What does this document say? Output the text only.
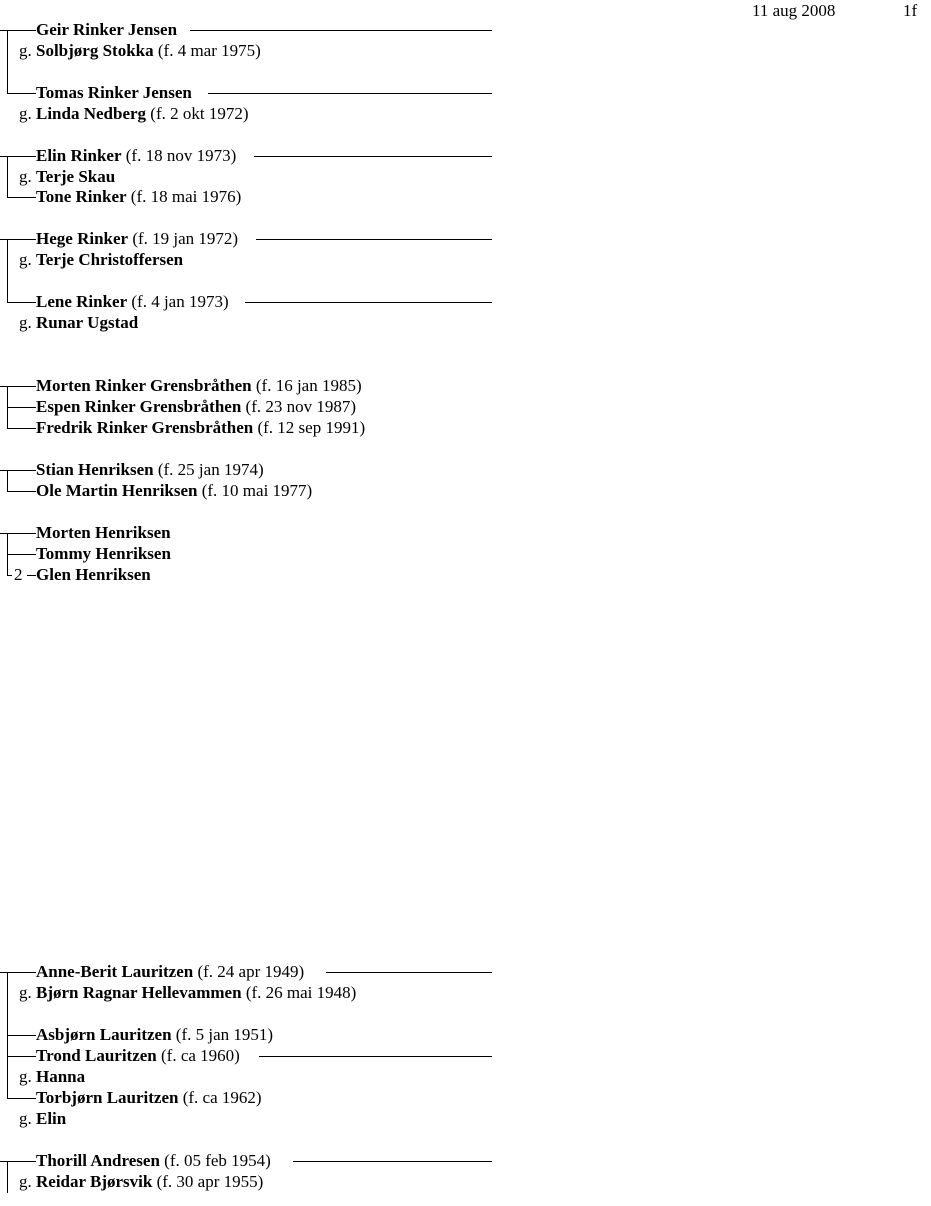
11 aug 2008	1f
2
g.
g.
g.
g.
g.
g.
g.
g.
g.
Geir Rinker Jensen
Solbjørg Stokka (f. 4 mar 1975)
Tomas Rinker Jensen
Linda Nedberg (f. 2 okt 1972)
Elin Rinker (f. 18 nov 1973)
Terje Skau
Tone Rinker (f. 18 mai 1976)
Hege Rinker (f. 19 jan 1972)
Terje Christoffersen
Lene Rinker (f. 4 jan 1973)
Runar Ugstad
Morten Rinker Grensbråthen (f. 16 jan 1985)
Espen Rinker Grensbråthen (f. 23 nov 1987)
Fredrik Rinker Grensbråthen (f. 12 sep 1991)
Stian Henriksen (f. 25 jan 1974)
Ole Martin Henriksen (f. 10 mai 1977)
Morten Henriksen
Tommy Henriksen
Glen Henriksen
Anne-Berit Lauritzen (f. 24 apr 1949)
Bjørn Ragnar Hellevammen (f. 26 mai 1948)
Asbjørn Lauritzen (f. 5 jan 1951)
Trond Lauritzen (f. ca 1960)
Hanna
Torbjørn Lauritzen (f. ca 1962)
Elin
Thorill Andresen (f. 05 feb 1954)
Reidar Bjørsvik (f. 30 apr 1955)
